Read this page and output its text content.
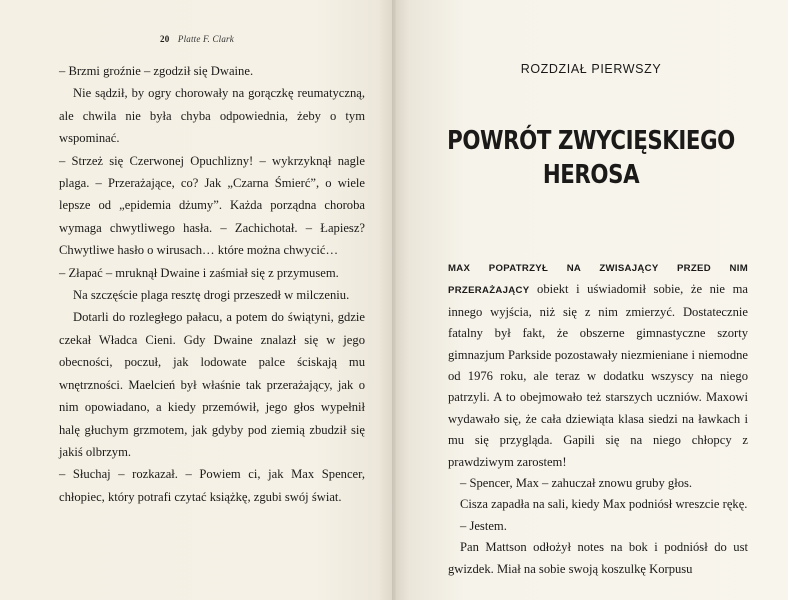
20 Platte F. Clark

– Brzmi groźnie – zgodził się Dwaine.

Nie sądził, by ogry chorowały na gorączkę reumatyczną, ale chwila nie była chyba odpowiednia, żeby o tym wspominać.

– Strzeż się Czerwonej Opuchlizny! – wykrzyknął nagle plaga. – Przerażające, co? Jak „Czarna Śmierć”, o wiele lepsze od „epidemia dżumy”. Każda porządna choroba wymaga chwytliwego hasła. – Zachichotał. – Łapiesz? Chwytliwe hasło o wirusach… które można chwycić…

– Złapać – mruknął Dwaine i zaśmiał się z przymusem.

Na szczęście plaga resztę drogi przeszedł w milczeniu.

Dotarli do rozległego pałacu, a potem do świątyni, gdzie czekał Władca Cieni. Gdy Dwaine znalazł się w jego obecności, poczuł, jak lodowate palce ściskają mu wnętrzności. Maelcień był właśnie tak przerażający, jak o nim opowiadano, a kiedy przemówił, jego głos wypełnił halę głuchym grzmotem, jak gdyby pod ziemią zbudził się jakiś olbrzym.

– Słuchaj – rozkazał. – Powiem ci, jak Max Spencer, chłopiec, który potrafi czytać książkę, zgubi swój świat.

ROZDZIAŁ PIERWSZY
POWRÓT ZWYCIĘSKIEGO
HEROSA

MAX POPATRZYŁ NA ZWISAJĄCY PRZED NIM PRZERAŻAJĄCY obiekt i uświadomił sobie, że nie ma innego wyjścia, niż się z nim zmierzyć. Dostatecznie fatalny był fakt, że obszerne gimnastyczne szorty gimnazjum Parkside pozostawały niezmieniane i niemodne od 1976 roku, ale teraz w dodatku wszyscy na niego patrzyli. A to obejmowało też starszych uczniów. Maxowi wydawało się, że cała dziewiąta klasa siedzi na ławkach i mu się przygląda. Gapili się na niego chłopcy z prawdziwym zarostem!

– Spencer, Max – zahuczał znowu gruby głos.

Cisza zapadła na sali, kiedy Max podniósł wreszcie rękę.

– Jestem.

Pan Mattson odłożył notes na bok i podniósł do ust gwizdek. Miał na sobie swoją koszulkę Korpusu
